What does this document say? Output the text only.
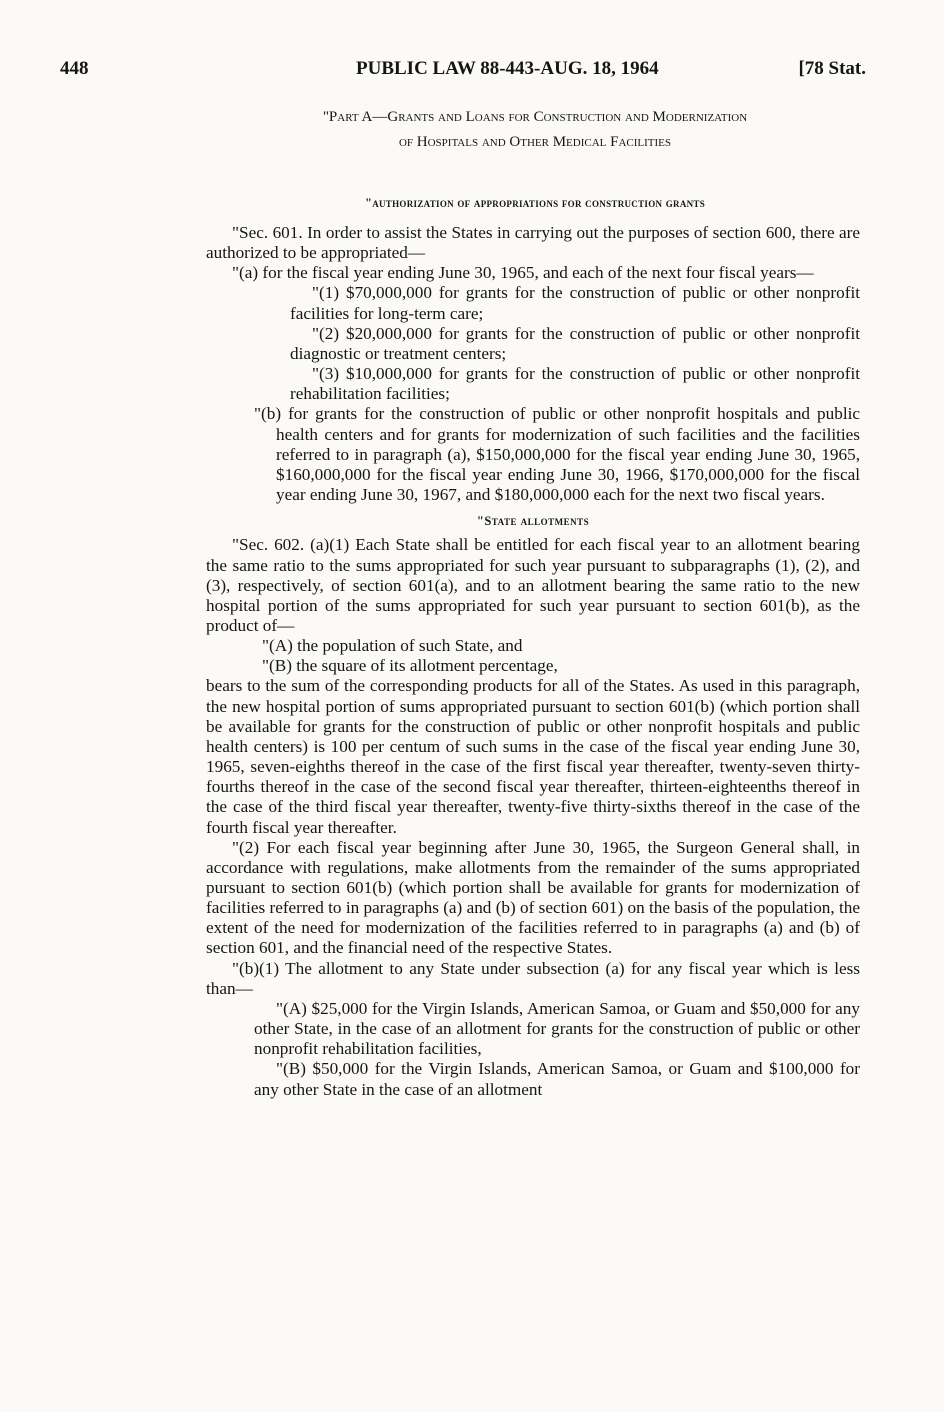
448	PUBLIC LAW 88-443-AUG. 18, 1964	[78 Stat.
"Part A—Grants and Loans for Construction and Modernization
of Hospitals and Other Medical Facilities
"authorization of appropriations for construction grants

"Sec. 601. In order to assist the States in carrying out the purposes of section 600, there are authorized to be appropriated—

"(a) for the fiscal year ending June 30, 1965, and each of the next four fiscal years—

"(1) $70,000,000 for grants for the construction of public or other nonprofit facilities for long-term care;

"(2) $20,000,000 for grants for the construction of public or other nonprofit diagnostic or treatment centers;

"(3) $10,000,000 for grants for the construction of public or other nonprofit rehabilitation facilities;

"(b) for grants for the construction of public or other nonprofit hospitals and public health centers and for grants for modernization of such facilities and the facilities referred to in paragraph (a), $150,000,000 for the fiscal year ending June 30, 1965, $160,000,000 for the fiscal year ending June 30, 1966, $170,000,000 for the fiscal year ending June 30, 1967, and $180,000,000 each for the next two fiscal years.

"State allotments

"Sec. 602. (a)(1) Each State shall be entitled for each fiscal year to an allotment bearing the same ratio to the sums appropriated for such year pursuant to subparagraphs (1), (2), and (3), respectively, of section 601(a), and to an allotment bearing the same ratio to the new hospital portion of the sums appropriated for such year pursuant to section 601(b), as the product of—

"(A) the population of such State, and

"(B) the square of its allotment percentage,

bears to the sum of the corresponding products for all of the States. As used in this paragraph, the new hospital portion of sums appropriated pursuant to section 601(b) (which portion shall be available for grants for the construction of public or other nonprofit hospitals and public health centers) is 100 per centum of such sums in the case of the fiscal year ending June 30, 1965, seven-eighths thereof in the case of the first fiscal year thereafter, twenty-seven thirty-fourths thereof in the case of the second fiscal year thereafter, thirteen-eighteenths thereof in the case of the third fiscal year thereafter, twenty-five thirty-sixths thereof in the case of the fourth fiscal year thereafter.

"(2) For each fiscal year beginning after June 30, 1965, the Surgeon General shall, in accordance with regulations, make allotments from the remainder of the sums appropriated pursuant to section 601(b) (which portion shall be available for grants for modernization of facilities referred to in paragraphs (a) and (b) of section 601) on the basis of the population, the extent of the need for modernization of the facilities referred to in paragraphs (a) and (b) of section 601, and the financial need of the respective States.

"(b)(1) The allotment to any State under subsection (a) for any fiscal year which is less than—

"(A) $25,000 for the Virgin Islands, American Samoa, or Guam and $50,000 for any other State, in the case of an allotment for grants for the construction of public or other nonprofit rehabilitation facilities,

"(B) $50,000 for the Virgin Islands, American Samoa, or Guam and $100,000 for any other State in the case of an allotment
